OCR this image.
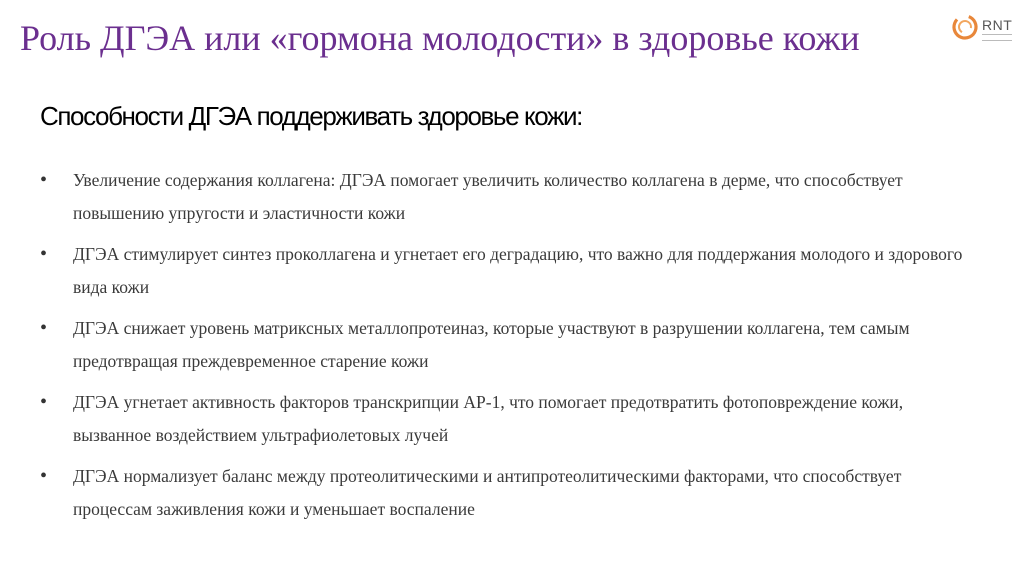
Роль ДГЭА или «гормона молодости» в здоровье кожи	RNT
Способности ДГЭА поддерживать здоровье кожи:
• Увеличение содержания коллагена: ДГЭА помогает увеличить количество коллагена в дерме, что способствует повышению упругости и эластичности кожи
• ДГЭА стимулирует синтез проколлагена и угнетает его деградацию, что важно для поддержания молодого и здорового вида кожи
• ДГЭА снижает уровень матриксных металлопротеиназ, которые участвуют в разрушении коллагена, тем самым предотвращая преждевременное старение кожи
• ДГЭА угнетает активность факторов транскрипции АР-1, что помогает предотвратить фотоповреждение кожи, вызванное воздействием ультрафиолетовых лучей
• ДГЭА нормализует баланс между протеолитическими и антипротеолитическими факторами, что способствует процессам заживления кожи и уменьшает воспаление
